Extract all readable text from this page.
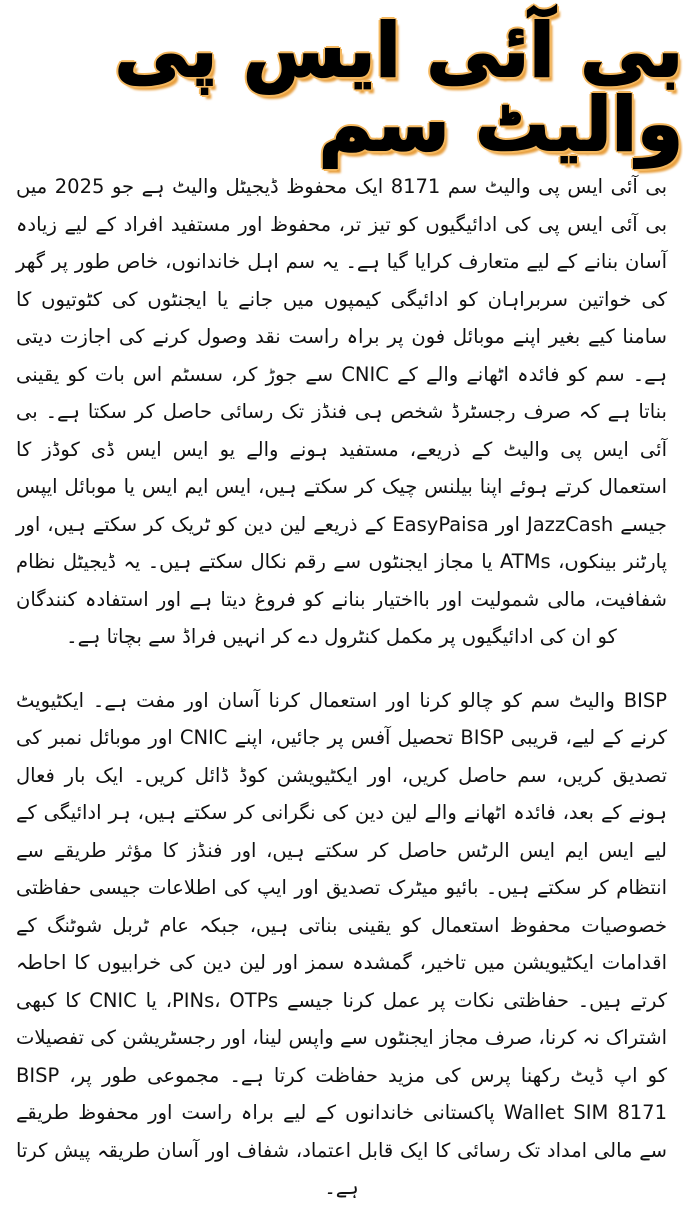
بی آئی ایس پی والیٹ سم

بی آئی ایس پی والیٹ سم 8171 ایک محفوظ ڈیجیٹل والیٹ ہے جو 2025 میں بی آئی ایس پی کی ادائیگیوں کو تیز تر، محفوظ اور مستفید افراد کے لیے زیادہ آسان بنانے کے لیے متعارف کرایا گیا ہے۔ یہ سم اہل خاندانوں، خاص طور پر گھر کی خواتین سربراہان کو ادائیگی کیمپوں میں جانے یا ایجنٹوں کی کٹوتیوں کا سامنا کیے بغیر اپنے موبائل فون پر براہ راست نقد وصول کرنے کی اجازت دیتی ہے۔ سم کو فائدہ اٹھانے والے کے CNIC سے جوڑ کر، سسٹم اس بات کو یقینی بناتا ہے کہ صرف رجسٹرڈ شخص ہی فنڈز تک رسائی حاصل کر سکتا ہے۔ بی آئی ایس پی والیٹ کے ذریعے، مستفید ہونے والے یو ایس ایس ڈی کوڈز کا استعمال کرتے ہوئے اپنا بیلنس چیک کر سکتے ہیں، ایس ایم ایس یا موبائل ایپس جیسے JazzCash اور EasyPaisa کے ذریعے لین دین کو ٹریک کر سکتے ہیں، اور پارٹنر بینکوں، ATMs یا مجاز ایجنٹوں سے رقم نکال سکتے ہیں۔ یہ ڈیجیٹل نظام شفافیت، مالی شمولیت اور بااختیار بنانے کو فروغ دیتا ہے اور استفادہ کنندگان کو ان کی ادائیگیوں پر مکمل کنٹرول دے کر انہیں فراڈ سے بچاتا ہے۔

BISP والیٹ سم کو چالو کرنا اور استعمال کرنا آسان اور مفت ہے۔ ایکٹیویٹ کرنے کے لیے، قریبی BISP تحصیل آفس پر جائیں، اپنے CNIC اور موبائل نمبر کی تصدیق کریں، سم حاصل کریں، اور ایکٹیویشن کوڈ ڈائل کریں۔ ایک بار فعال ہونے کے بعد، فائدہ اٹھانے والے لین دین کی نگرانی کر سکتے ہیں، ہر ادائیگی کے لیے ایس ایم ایس الرٹس حاصل کر سکتے ہیں، اور فنڈز کا مؤثر طریقے سے انتظام کر سکتے ہیں۔ بائیو میٹرک تصدیق اور ایپ کی اطلاعات جیسی حفاظتی خصوصیات محفوظ استعمال کو یقینی بناتی ہیں، جبکہ عام ٹربل شوٹنگ کے اقدامات ایکٹیویشن میں تاخیر، گمشدہ سمز اور لین دین کی خرابیوں کا احاطہ کرتے ہیں۔ حفاظتی نکات پر عمل کرنا جیسے PINs، OTPs، یا CNIC کا کبھی اشتراک نہ کرنا، صرف مجاز ایجنٹوں سے واپس لینا، اور رجسٹریشن کی تفصیلات کو اپ ڈیٹ رکھنا پرس کی مزید حفاظت کرتا ہے۔ مجموعی طور پر، BISP Wallet SIM 8171 پاکستانی خاندانوں کے لیے براہ راست اور محفوظ طریقے سے مالی امداد تک رسائی کا ایک قابل اعتماد، شفاف اور آسان طریقہ پیش کرتا ہے۔
